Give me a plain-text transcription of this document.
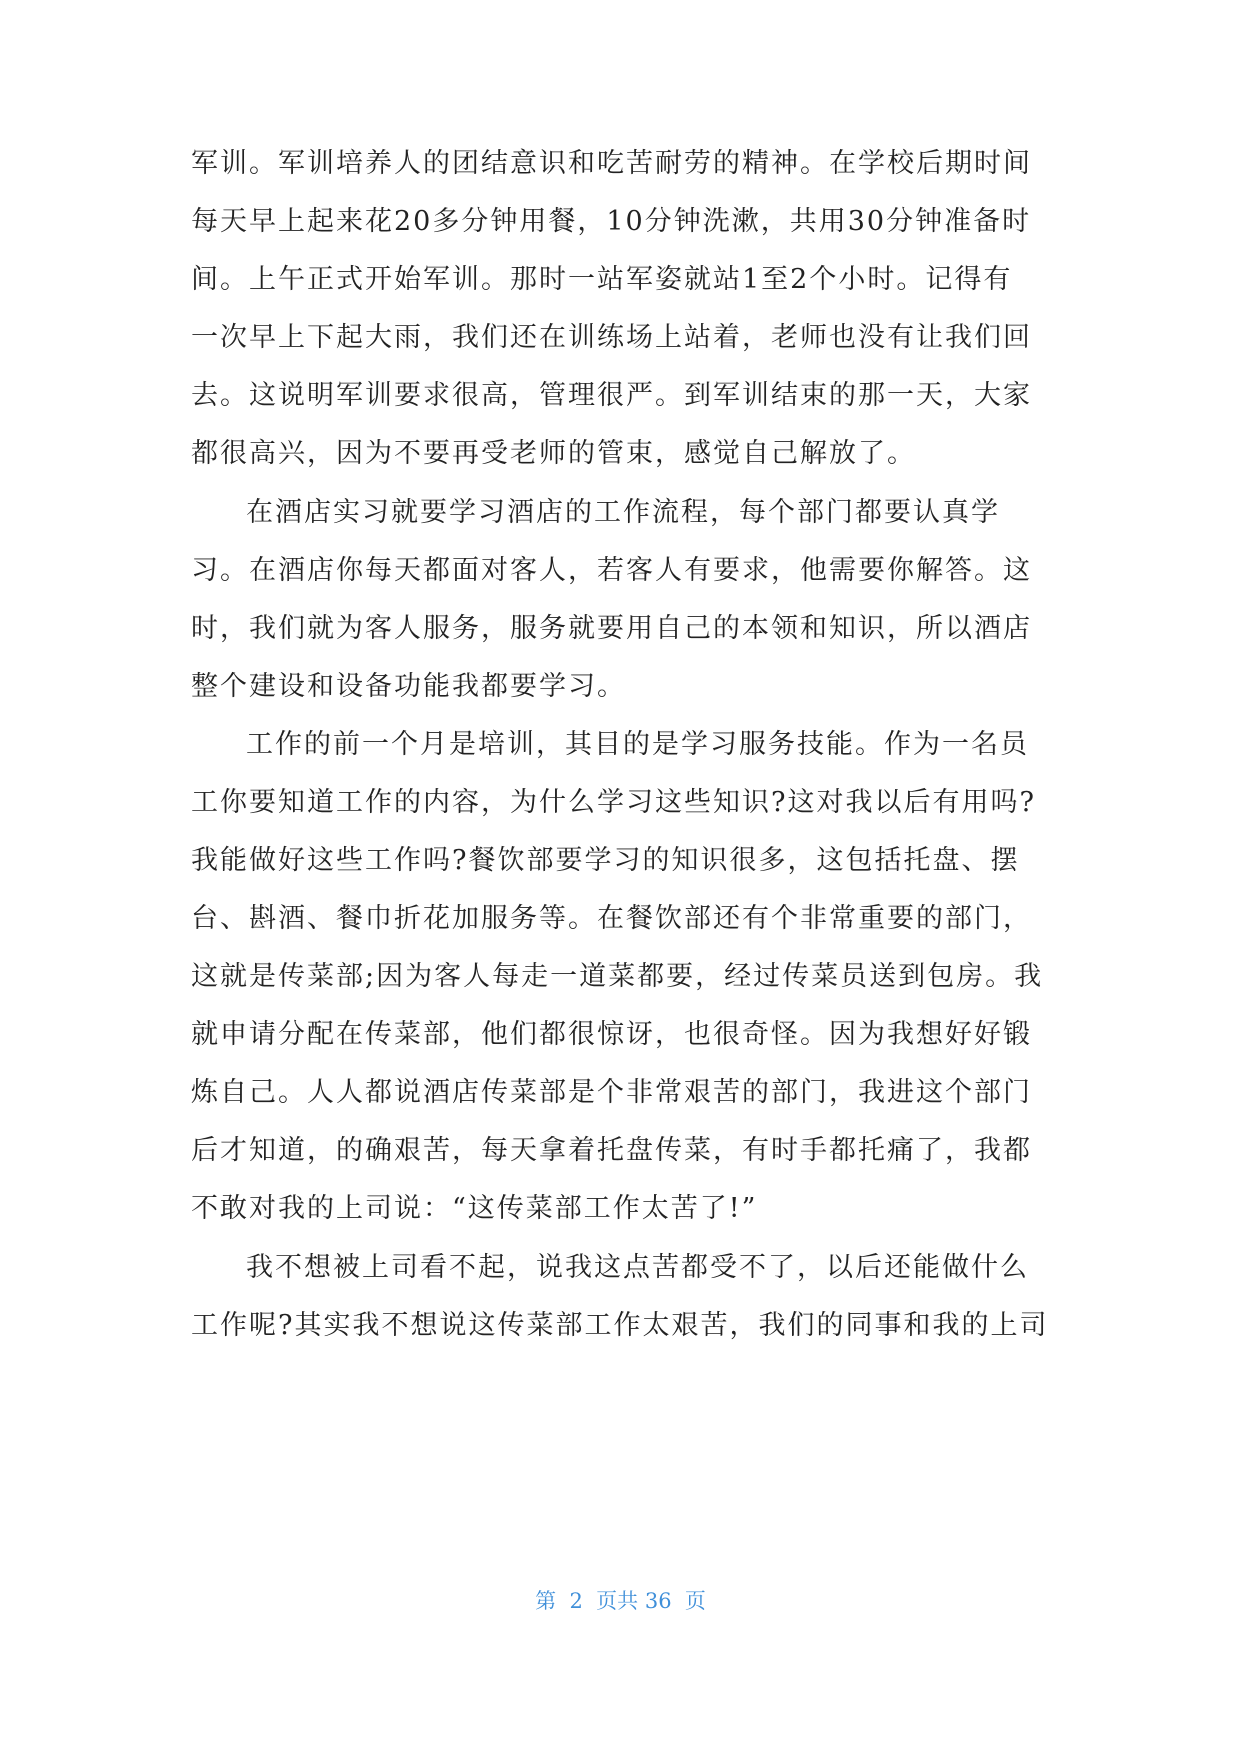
军训。军训培养人的团结意识和吃苦耐劳的精神。在学校后期时间
每天早上起来花20多分钟用餐，10分钟洗漱，共用30分钟准备时
间。上午正式开始军训。那时一站军姿就站1至2个小时。记得有
一次早上下起大雨，我们还在训练场上站着，老师也没有让我们回
去。这说明军训要求很高，管理很严。到军训结束的那一天，大家
都很高兴，因为不要再受老师的管束，感觉自己解放了。
在酒店实习就要学习酒店的工作流程，每个部门都要认真学
习。在酒店你每天都面对客人，若客人有要求，他需要你解答。这
时，我们就为客人服务，服务就要用自己的本领和知识，所以酒店
整个建设和设备功能我都要学习。
工作的前一个月是培训，其目的是学习服务技能。作为一名员
工你要知道工作的内容，为什么学习这些知识?这对我以后有用吗?
我能做好这些工作吗?餐饮部要学习的知识很多，这包括托盘、摆
台、斟酒、餐巾折花加服务等。在餐饮部还有个非常重要的部门，
这就是传菜部;因为客人每走一道菜都要，经过传菜员送到包房。我
就申请分配在传菜部，他们都很惊讶，也很奇怪。因为我想好好锻
炼自己。人人都说酒店传菜部是个非常艰苦的部门，我进这个部门
后才知道，的确艰苦，每天拿着托盘传菜，有时手都托痛了，我都
不敢对我的上司说：“这传菜部工作太苦了!”
我不想被上司看不起，说我这点苦都受不了，以后还能做什么
工作呢?其实我不想说这传菜部工作太艰苦，我们的同事和我的上司
第  2  页共 36  页
